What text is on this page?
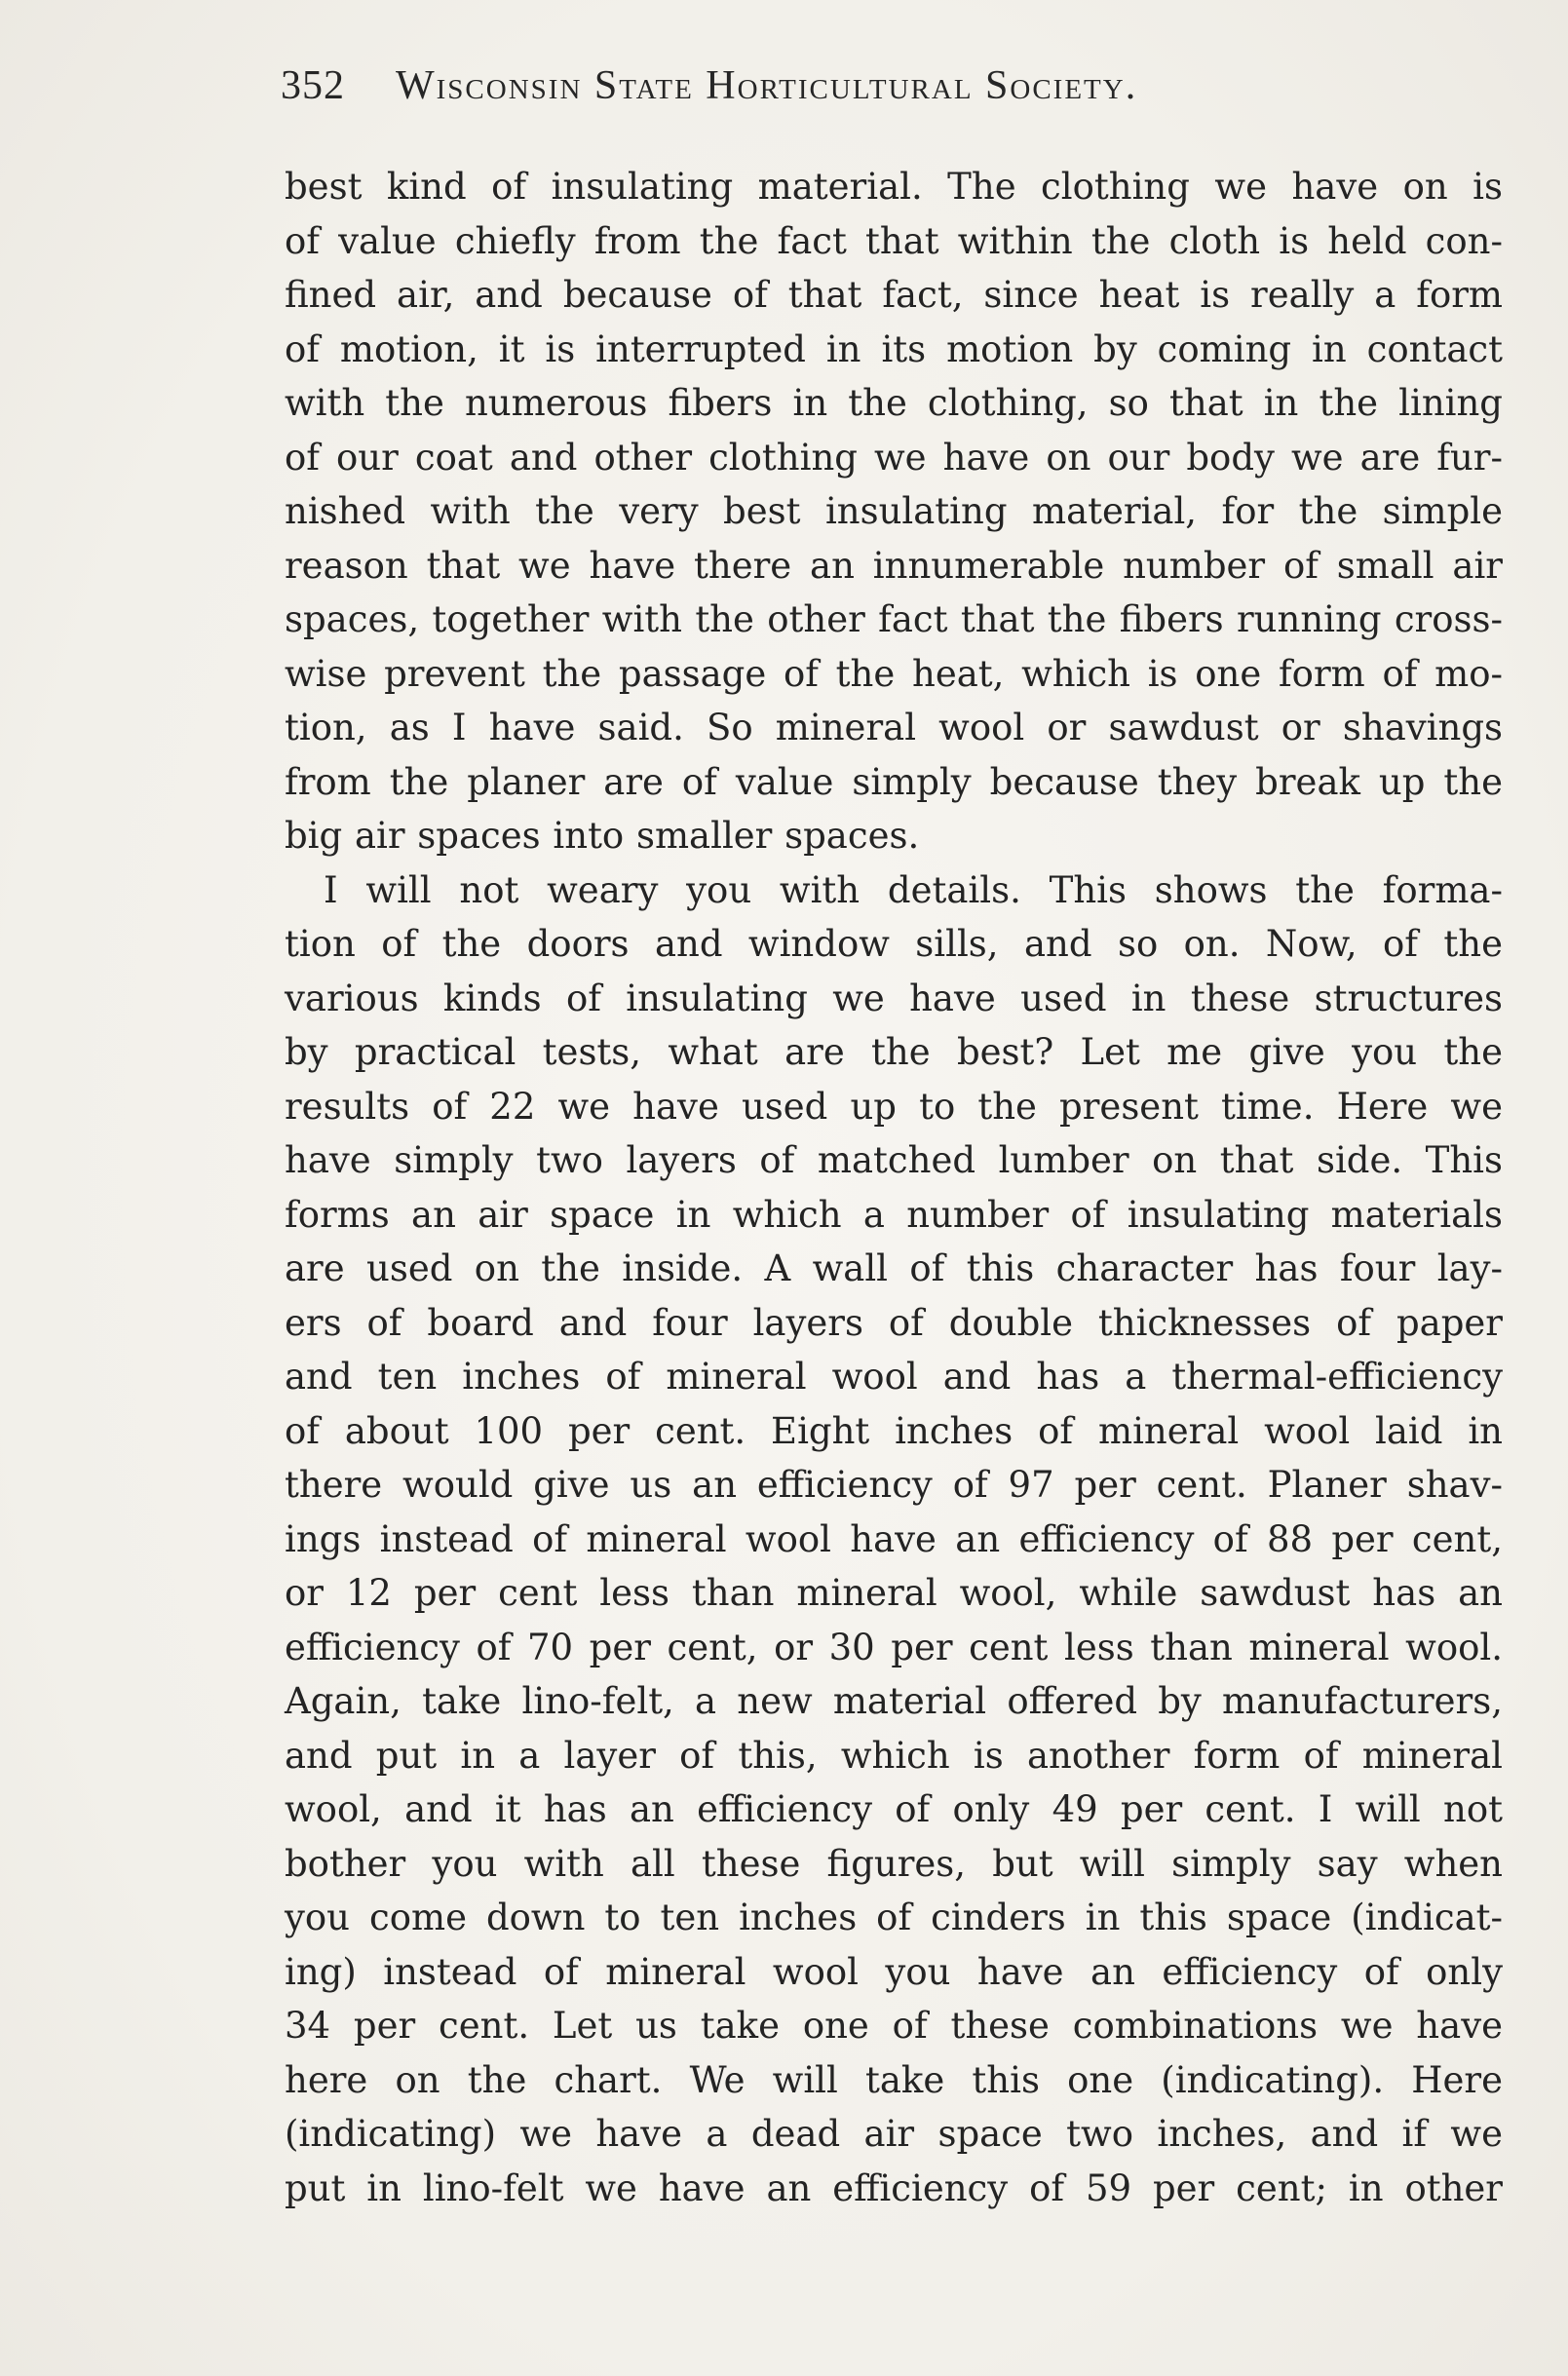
352	Wisconsin State Horticultural Society.
best kind of insulating material. The clothing we have on is
of value chiefly from the fact that within the cloth is held con-
fined air, and because of that fact, since heat is really a form
of motion, it is interrupted in its motion by coming in contact
with the numerous fibers in the clothing, so that in the lining
of our coat and other clothing we have on our body we are fur-
nished with the very best insulating material, for the simple
reason that we have there an innumerable number of small air
spaces, together with the other fact that the fibers running cross-
wise prevent the passage of the heat, which is one form of mo-
tion, as I have said. So mineral wool or sawdust or shavings
from the planer are of value simply because they break up the
big air spaces into smaller spaces.
I will not weary you with details. This shows the forma-
tion of the doors and window sills, and so on. Now, of the
various kinds of insulating we have used in these structures
by practical tests, what are the best? Let me give you the
results of 22 we have used up to the present time. Here we
have simply two layers of matched lumber on that side. This
forms an air space in which a number of insulating materials
are used on the inside. A wall of this character has four lay-
ers of board and four layers of double thicknesses of paper
and ten inches of mineral wool and has a thermal-efficiency
of about 100 per cent. Eight inches of mineral wool laid in
there would give us an efficiency of 97 per cent. Planer shav-
ings instead of mineral wool have an efficiency of 88 per cent,
or 12 per cent less than mineral wool, while sawdust has an
efficiency of 70 per cent, or 30 per cent less than mineral wool.
Again, take lino-felt, a new material offered by manufacturers,
and put in a layer of this, which is another form of mineral
wool, and it has an efficiency of only 49 per cent. I will not
bother you with all these figures, but will simply say when
you come down to ten inches of cinders in this space (indicat-
ing) instead of mineral wool you have an efficiency of only
34 per cent. Let us take one of these combinations we have
here on the chart. We will take this one (indicating). Here
(indicating) we have a dead air space two inches, and if we
put in lino-felt we have an efficiency of 59 per cent; in other
